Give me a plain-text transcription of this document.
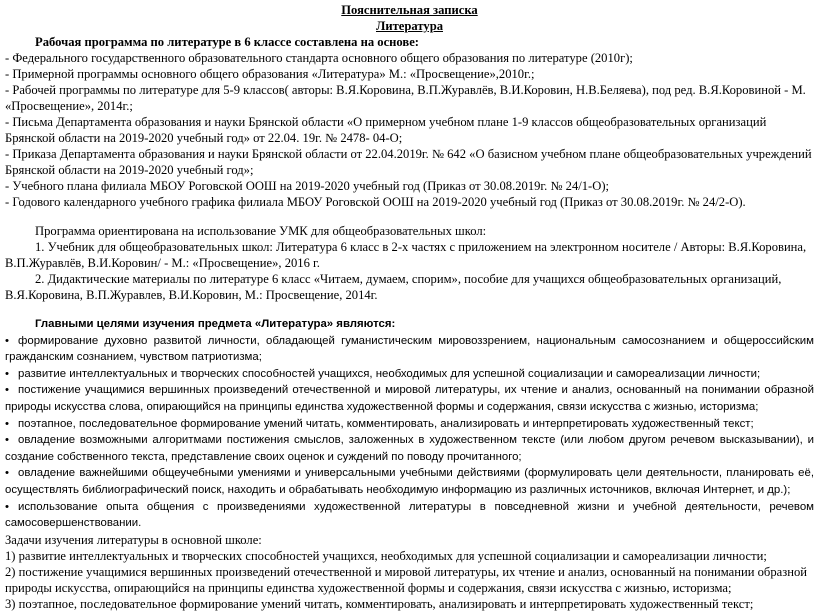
Пояснительная записка

Литература

Рабочая программа по литературе в 6 классе составлена на основе:

- Федерального государственного образовательного стандарта основного общего образования по литературе (2010г);

- Примерной программы основного общего образования «Литература» М.: «Просвещение»,2010г.;

- Рабочей программы по литературе для 5-9 классов( авторы: В.Я.Коровина, В.П.Журавлёв, В.И.Коровин, Н.В.Беляева), под ред. В.Я.Коровиной - М. «Просвещение», 2014г.;

- Письма Департамента образования и науки Брянской области «О примерном учебном плане 1-9 классов общеобразовательных организаций Брянской области на 2019-2020 учебный год» от 22.04. 19г. № 2478- 04-О;

- Приказа Департамента образования и науки Брянской области от 22.04.2019г. № 642 «О базисном учебном плане общеобразовательных учреждений Брянской области на 2019-2020 учебный год»;

- Учебного плана филиала МБОУ Роговской ООШ на 2019-2020 учебный год (Приказ от 30.08.2019г. № 24/1-О);

- Годового календарного учебного графика филиала МБОУ Роговской ООШ на 2019-2020 учебный год (Приказ от 30.08.2019г. № 24/2-О).

Программа ориентирована на использование УМК для общеобразовательных школ:

1. Учебник для общеобразовательных школ: Литература 6 класс в 2-х частях с приложением на электронном носителе / Авторы: В.Я.Коровина, В.П.Журавлёв, В.И.Коровин/ - М.: «Просвещение», 2016 г.

2. Дидактические материалы по литературе 6 класс «Читаем, думаем, спорим», пособие для учащихся общеобразовательных организаций, В.Я.Коровина, В.П.Журавлев, В.И.Коровин, М.: Просвещение, 2014г.

Главными целями изучения предмета «Литература» являются:

• формирование духовно развитой личности, обладающей гуманистическим мировоззрением, национальным самосознанием и общероссийским гражданским сознанием, чувством патриотизма;

• развитие интеллектуальных и творческих способностей учащихся, необходимых для успешной социализации и самореализации личности;

• постижение учащимися вершинных произведений отечественной и мировой литературы, их чтение и анализ, основанный на понимании образной природы искусства слова, опирающийся на принципы единства художественной формы и содержания, связи искусства с жизнью, историзма;

• поэтапное, последовательное формирование умений читать, комментировать, анализировать и интерпретировать художественный текст;

• овладение возможными алгоритмами постижения смыслов, заложенных в художественном тексте (или любом другом речевом высказывании), и создание собственного текста, представление своих оценок и суждений по поводу прочитанного;

• овладение важнейшими общеучебными умениями и универсальными учебными действиями (формулировать цели деятельности, планировать её, осуществлять библиографический поиск, находить и обрабатывать необходимую информацию из различных источников, включая Интернет, и др.);

• использование опыта общения с произведениями художественной литературы в повседневной жизни и учебной деятельности, речевом самосовершенствовании.

Задачи изучения литературы в основной школе:

1) развитие интеллектуальных и творческих способностей учащихся, необходимых для успешной социализации и самореализации личности;

2) постижение учащимися вершинных произведений отечественной и мировой литературы, их чтение и анализ, основанный на понимании образной природы искусства, опирающийся на принципы единства художественной формы и содержания, связи искусства с жизнью, историзма;

3) поэтапное, последовательное формирование умений читать, комментировать, анализировать и интерпретировать художественный текст;
